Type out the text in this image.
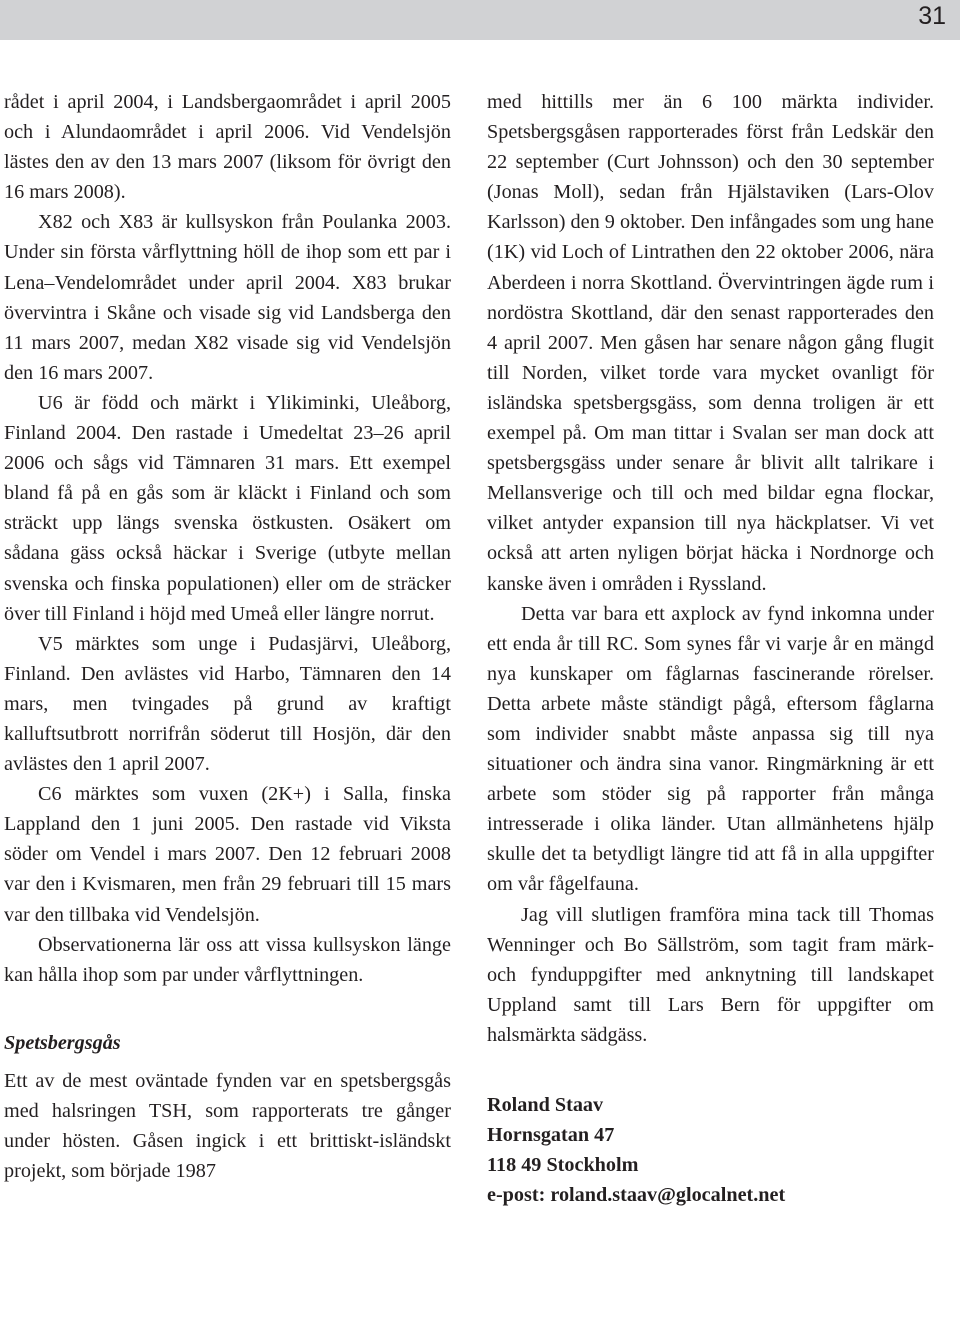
31

rådet i april 2004, i Landsbergaområdet i april 2005 och i Alundaområdet i april 2006. Vid Vendelsjön lästes den av den 13 mars 2007 (liksom för övrigt den 16 mars 2008).

X82 och X83 är kullsyskon från Poulanka 2003. Under sin första vårflyttning höll de ihop som ett par i Lena–Vendelområdet under april 2004. X83 brukar övervintra i Skåne och visade sig vid Landsberga den 11 mars 2007, medan X82 visade sig vid Vendelsjön den 16 mars 2007.

U6 är född och märkt i Ylikiminki, Uleåborg, Finland 2004. Den rastade i Umedeltat 23–26 april 2006 och sågs vid Tämnaren 31 mars. Ett exempel bland få på en gås som är kläckt i Finland och som sträckt upp längs svenska östkusten. Osäkert om sådana gäss också häckar i Sverige (utbyte mellan svenska och finska populationen) eller om de sträcker över till Finland i höjd med Umeå eller längre norrut.

V5 märktes som unge i Pudasjärvi, Uleåborg, Finland. Den avlästes vid Harbo, Tämnaren den 14 mars, men tvingades på grund av kraftigt kalluftsutbrott norrifrån söderut till Hosjön, där den avlästes den 1 april 2007.

C6 märktes som vuxen (2K+) i Salla, finska Lappland den 1 juni 2005. Den rastade vid Viksta söder om Vendel i mars 2007. Den 12 februari 2008 var den i Kvismaren, men från 29 februari till 15 mars var den tillbaka vid Vendelsjön.

Observationerna lär oss att vissa kullsyskon länge kan hålla ihop som par under vårflyttningen.

Spetsbergsgås

Ett av de mest oväntade fynden var en spetsbergsgås med halsringen TSH, som rapporterats tre gånger under hösten. Gåsen ingick i ett brittiskt-isländskt projekt, som började 1987

med hittills mer än 6 100 märkta individer. Spetsbergsgåsen rapporterades först från Ledskär den 22 september (Curt Johnsson) och den 30 september (Jonas Moll), sedan från Hjälstaviken (Lars-Olov Karlsson) den 9 oktober. Den infångades som ung hane (1K) vid Loch of Lintrathen den 22 oktober 2006, nära Aberdeen i norra Skottland. Övervintringen ägde rum i nordöstra Skottland, där den senast rapporterades den 4 april 2007. Men gåsen har senare någon gång flugit till Norden, vilket torde vara mycket ovanligt för isländska spetsbergsgäss, som denna troligen är ett exempel på. Om man tittar i Svalan ser man dock att spetsbergsgäss under senare år blivit allt talrikare i Mellansverige och till och med bildar egna flockar, vilket antyder expansion till nya häckplatser. Vi vet också att arten nyligen börjat häcka i Nordnorge och kanske även i områden i Ryssland.

Detta var bara ett axplock av fynd inkomna under ett enda år till RC. Som synes får vi varje år en mängd nya kunskaper om fåglarnas fascinerande rörelser. Detta arbete måste ständigt pågå, eftersom fåglarna som individer snabbt måste anpassa sig till nya situationer och ändra sina vanor. Ringmärkning är ett arbete som stöder sig på rapporter från många intresserade i olika länder. Utan allmänhetens hjälp skulle det ta betydligt längre tid att få in alla uppgifter om vår fågelfauna.

Jag vill slutligen framföra mina tack till Thomas Wenninger och Bo Sällström, som tagit fram märk- och fynduppgifter med anknytning till landskapet Uppland samt till Lars Bern för uppgifter om halsmärkta sädgäss.

Roland Staav
Hornsgatan 47
118 49 Stockholm
e-post: roland.staav@glocalnet.net
